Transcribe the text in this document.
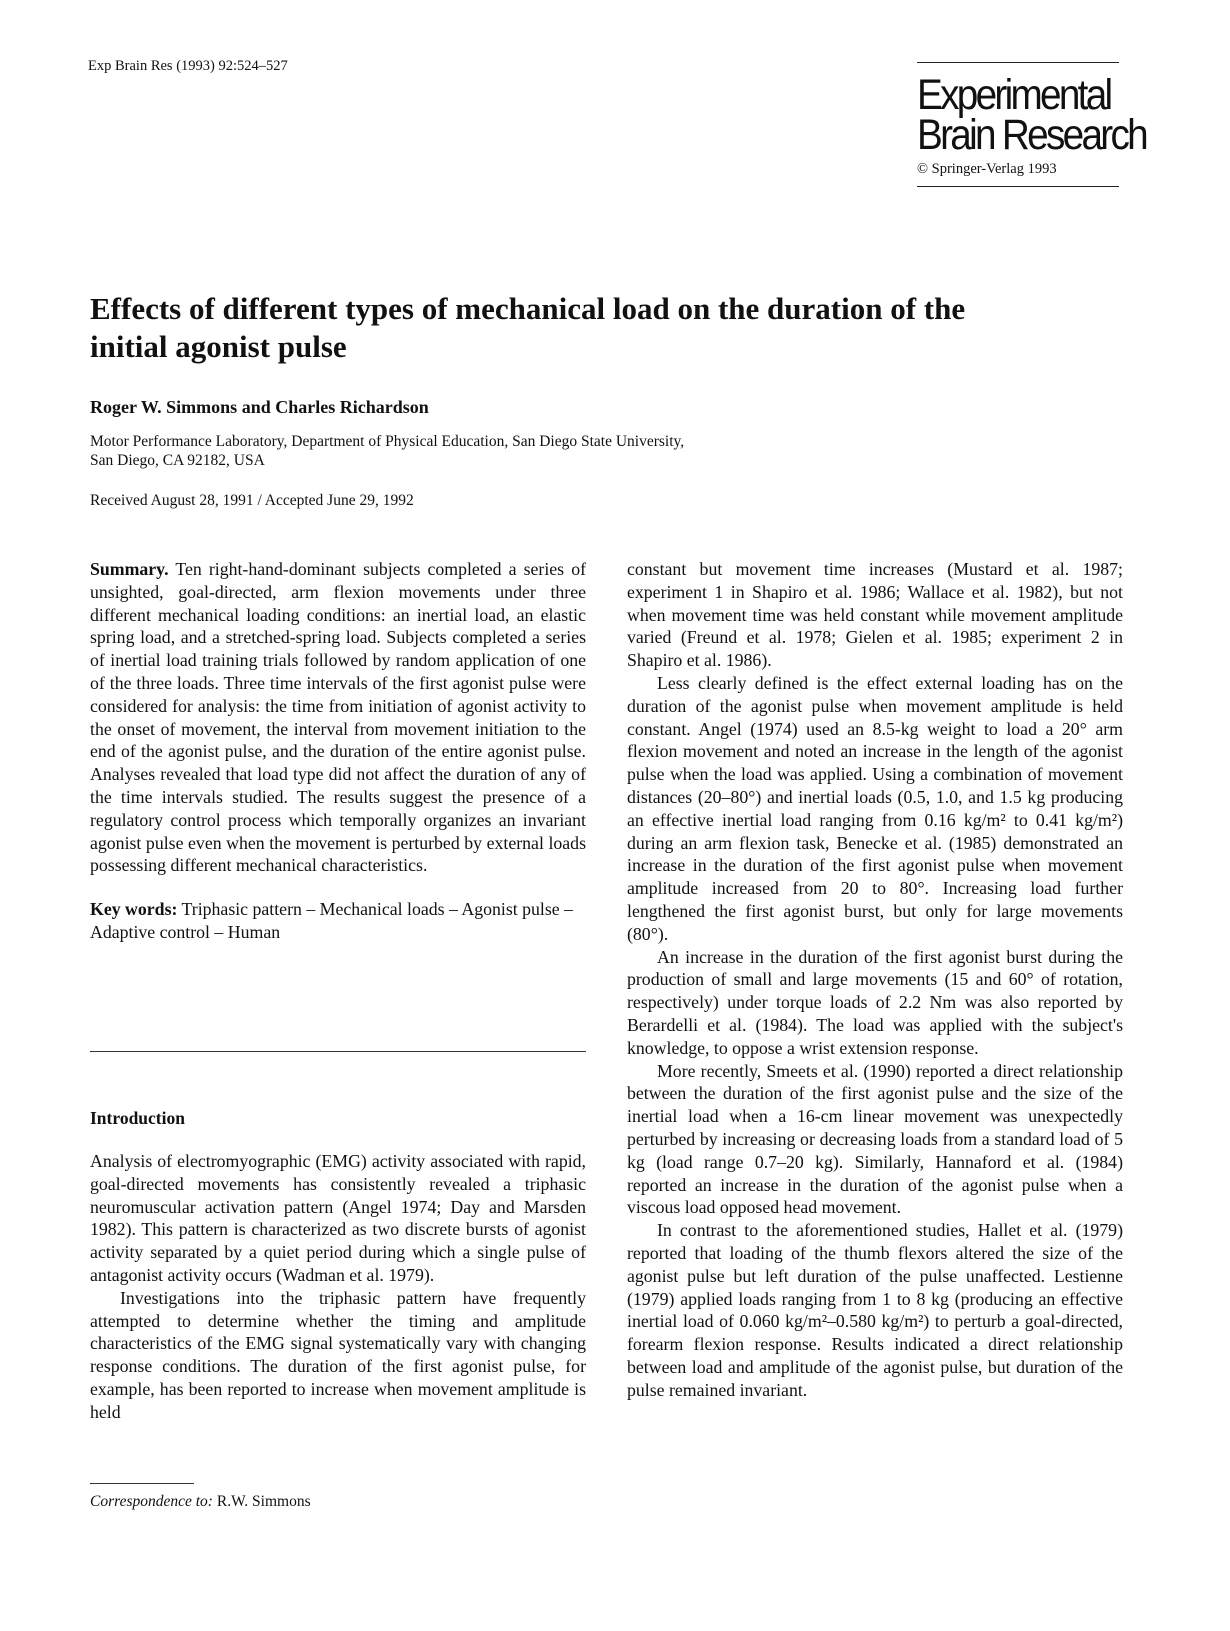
Exp Brain Res (1993) 92:524–527
Experimental
Brain Research
© Springer-Verlag 1993
Effects of different types of mechanical load on the duration of the initial agonist pulse
Roger W. Simmons and Charles Richardson
Motor Performance Laboratory, Department of Physical Education, San Diego State University,
San Diego, CA 92182, USA
Received August 28, 1991 / Accepted June 29, 1992

Summary. Ten right-hand-dominant subjects completed a series of unsighted, goal-directed, arm flexion movements under three different mechanical loading conditions: an inertial load, an elastic spring load, and a stretched-spring load. Subjects completed a series of inertial load training trials followed by random application of one of the three loads. Three time intervals of the first agonist pulse were considered for analysis: the time from initiation of agonist activity to the onset of movement, the interval from movement initiation to the end of the agonist pulse, and the duration of the entire agonist pulse. Analyses revealed that load type did not affect the duration of any of the time intervals studied. The results suggest the presence of a regulatory control process which temporally organizes an invariant agonist pulse even when the movement is perturbed by external loads possessing different mechanical characteristics.

Key words: Triphasic pattern – Mechanical loads – Agonist pulse – Adaptive control – Human

Introduction

Analysis of electromyographic (EMG) activity associated with rapid, goal-directed movements has consistently revealed a triphasic neuromuscular activation pattern (Angel 1974; Day and Marsden 1982). This pattern is characterized as two discrete bursts of agonist activity separated by a quiet period during which a single pulse of antagonist activity occurs (Wadman et al. 1979).

Investigations into the triphasic pattern have frequently attempted to determine whether the timing and amplitude characteristics of the EMG signal systematically vary with changing response conditions. The duration of the first agonist pulse, for example, has been reported to increase when movement amplitude is held

Correspondence to: R.W. Simmons

constant but movement time increases (Mustard et al. 1987; experiment 1 in Shapiro et al. 1986; Wallace et al. 1982), but not when movement time was held constant while movement amplitude varied (Freund et al. 1978; Gielen et al. 1985; experiment 2 in Shapiro et al. 1986).

Less clearly defined is the effect external loading has on the duration of the agonist pulse when movement amplitude is held constant. Angel (1974) used an 8.5-kg weight to load a 20° arm flexion movement and noted an increase in the length of the agonist pulse when the load was applied. Using a combination of movement distances (20–80°) and inertial loads (0.5, 1.0, and 1.5 kg producing an effective inertial load ranging from 0.16 kg/m² to 0.41 kg/m²) during an arm flexion task, Benecke et al. (1985) demonstrated an increase in the duration of the first agonist pulse when movement amplitude increased from 20 to 80°. Increasing load further lengthened the first agonist burst, but only for large movements (80°).

An increase in the duration of the first agonist burst during the production of small and large movements (15 and 60° of rotation, respectively) under torque loads of 2.2 Nm was also reported by Berardelli et al. (1984). The load was applied with the subject's knowledge, to oppose a wrist extension response.

More recently, Smeets et al. (1990) reported a direct relationship between the duration of the first agonist pulse and the size of the inertial load when a 16-cm linear movement was unexpectedly perturbed by increasing or decreasing loads from a standard load of 5 kg (load range 0.7–20 kg). Similarly, Hannaford et al. (1984) reported an increase in the duration of the agonist pulse when a viscous load opposed head movement.

In contrast to the aforementioned studies, Hallet et al. (1979) reported that loading of the thumb flexors altered the size of the agonist pulse but left duration of the pulse unaffected. Lestienne (1979) applied loads ranging from 1 to 8 kg (producing an effective inertial load of 0.060 kg/m²–0.580 kg/m²) to perturb a goal-directed, forearm flexion response. Results indicated a direct relationship between load and amplitude of the agonist pulse, but duration of the pulse remained invariant.
